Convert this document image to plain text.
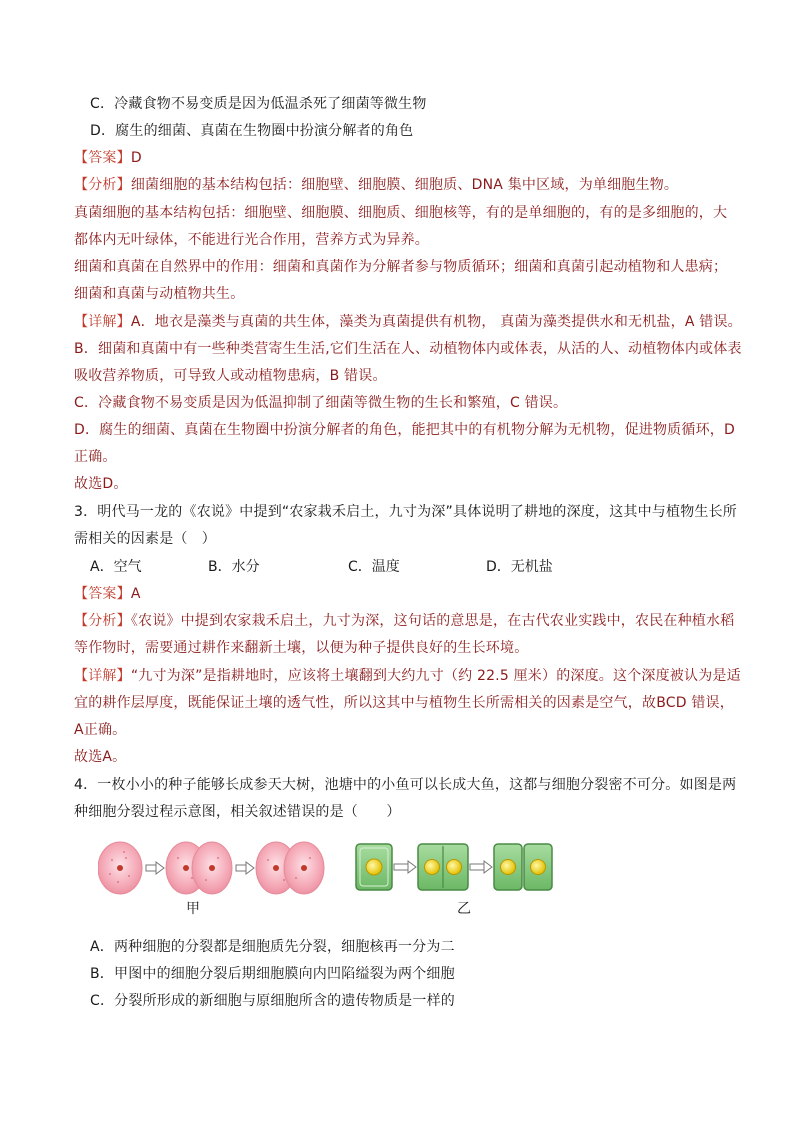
C．冷藏食物不易变质是因为低温杀死了细菌等微生物
D．腐生的细菌、真菌在生物圈中扮演分解者的角色
【答案】D
【分析】细菌细胞的基本结构包括：细胞壁、细胞膜、细胞质、DNA 集中区域，为单细胞生物。
真菌细胞的基本结构包括：细胞壁、细胞膜、细胞质、细胞核等，有的是单细胞的，有的是多细胞的，大
都体内无叶绿体，不能进行光合作用，营养方式为异养。
细菌和真菌在自然界中的作用：细菌和真菌作为分解者参与物质循环；细菌和真菌引起动植物和人患病；
细菌和真菌与动植物共生。
【详解】A．地衣是藻类与真菌的共生体，藻类为真菌提供有机物， 真菌为藻类提供水和无机盐，A 错误。
B．细菌和真菌中有一些种类营寄生生活,它们生活在人、动植物体内或体表，从活的人、动植物体内或体表
吸收营养物质，可导致人或动植物患病，B 错误。
C．冷藏食物不易变质是因为低温抑制了细菌等微生物的生长和繁殖，C 错误。
D．腐生的细菌、真菌在生物圈中扮演分解者的角色，能把其中的有机物分解为无机物，促进物质循环，D
正确。
故选D。
3．明代马一龙的《农说》中提到“农家栽禾启土，九寸为深”具体说明了耕地的深度，这其中与植物生长所
需相关的因素是（　）
A．空气	B．水分	C．温度	D．无机盐
【答案】A
【分析】《农说》中提到农家栽禾启土，九寸为深，这句话的意思是，在古代农业实践中，农民在种植水稻
等作物时，需要通过耕作来翻新土壤，以便为种子提供良好的生长环境。
【详解】“九寸为深”是指耕地时，应该将土壤翻到大约九寸（约 22.5 厘米）的深度。这个深度被认为是适
宜的耕作层厚度，既能保证土壤的透气性，所以这其中与植物生长所需相关的因素是空气，故BCD 错误，
A正确。
故选A。
4．一枚小小的种子能够长成参天大树，池塘中的小鱼可以长成大鱼，这都与细胞分裂密不可分。如图是两
种细胞分裂过程示意图，相关叙述错误的是（　　）
甲	乙
A．两种细胞的分裂都是细胞质先分裂，细胞核再一分为二
B．甲图中的细胞分裂后期细胞膜向内凹陷缢裂为两个细胞
C．分裂所形成的新细胞与原细胞所含的遗传物质是一样的
